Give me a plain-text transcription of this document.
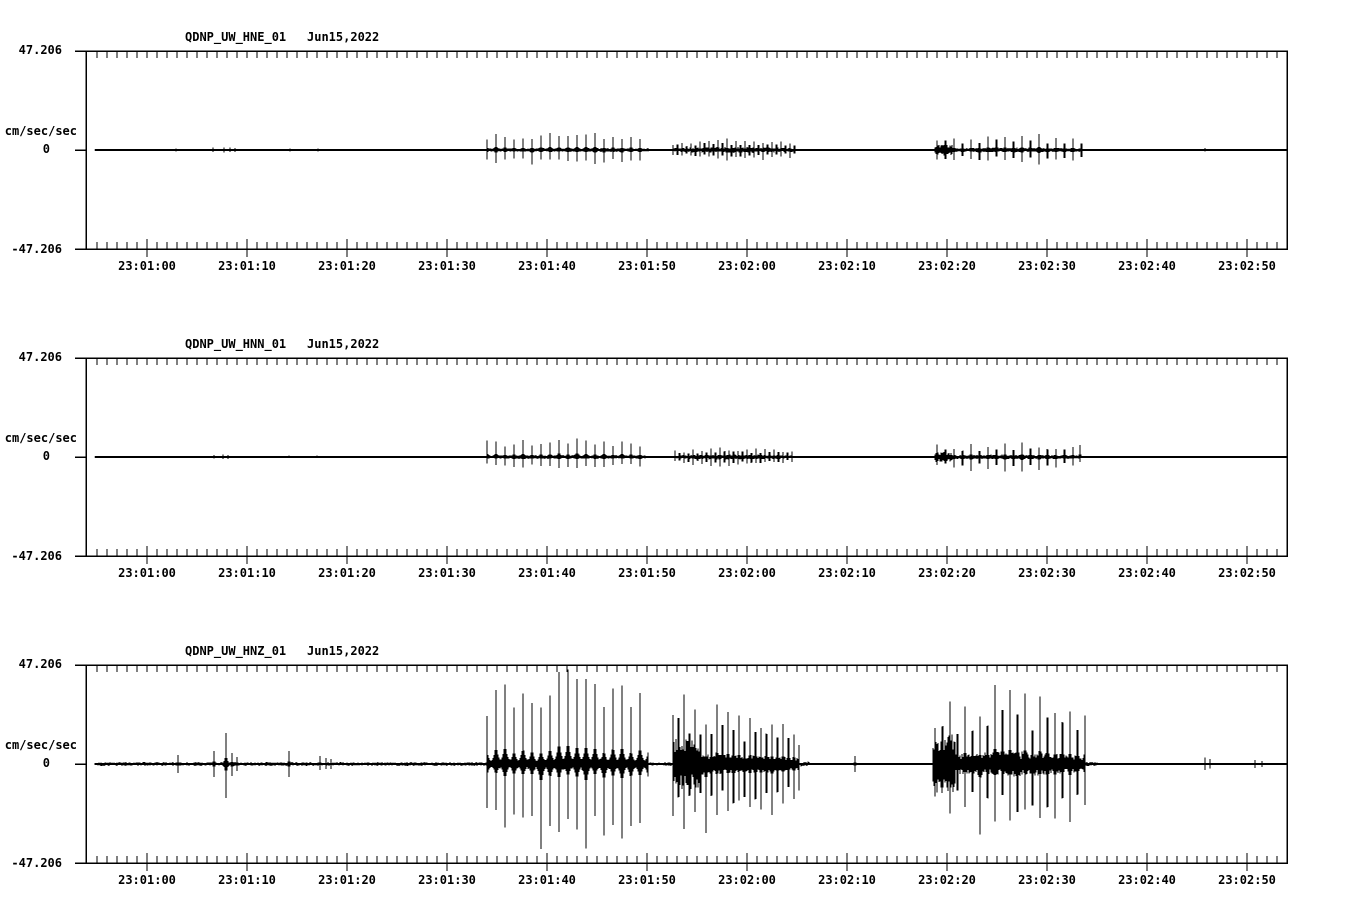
QDNP_UW_HNE_01 Jun15,2022
47.206
cm/sec/sec
0
-47.206
23:01:00	23:01:10	23:01:20	23:01:30	23:01:40	23:01:50	23:02:00	23:02:10	23:02:20	23:02:30	23:02:40	23:02:50
QDNP_UW_HNN_01 Jun15,2022
47.206
cm/sec/sec
0
-47.206
23:01:00	23:01:10	23:01:20	23:01:30	23:01:40	23:01:50	23:02:00	23:02:10	23:02:20	23:02:30	23:02:40	23:02:50
QDNP_UW_HNZ_01 Jun15,2022
47.206
cm/sec/sec
0
-47.206
23:01:00	23:01:10	23:01:20	23:01:30	23:01:40	23:01:50	23:02:00	23:02:10	23:02:20	23:02:30	23:02:40	23:02:50
